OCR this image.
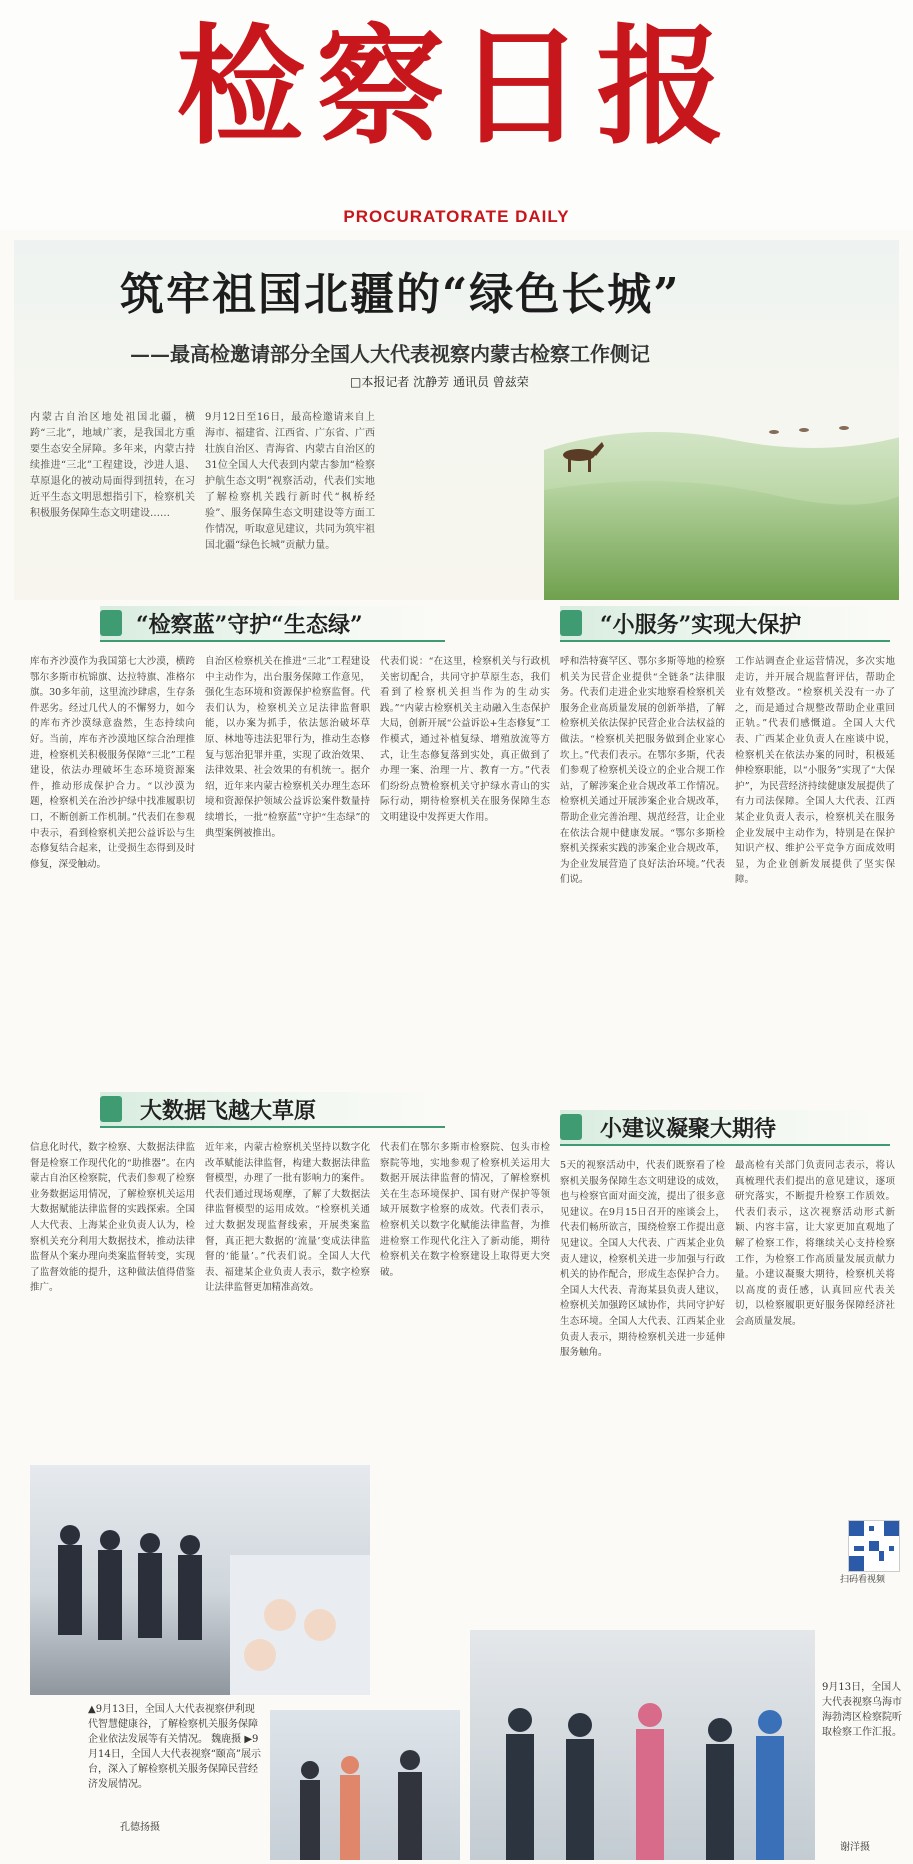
检察日报
PROCURATORATE DAILY
筑牢祖国北疆的“绿色长城”
——最高检邀请部分全国人大代表视察内蒙古检察工作侧记
□本报记者 沈静芳 通讯员 曾兹荣
内蒙古自治区地处祖国北疆，横跨“三北”，地域广袤，是我国北方重要生态安全屏障。多年来，内蒙古持续推进“三北”工程建设，沙进人退、草原退化的被动局面得到扭转，在习近平生态文明思想指引下，检察机关积极服务保障生态文明建设……
9月12日至16日，最高检邀请来自上海市、福建省、江西省、广东省、广西壮族自治区、青海省、内蒙古自治区的31位全国人大代表到内蒙古参加“检察护航生态文明”视察活动，代表们实地了解检察机关践行新时代“枫桥经验”、服务保障生态文明建设等方面工作情况，听取意见建议，共同为筑牢祖国北疆“绿色长城”贡献力量。
“检察蓝”守护“生态绿”
库布齐沙漠作为我国第七大沙漠，横跨鄂尔多斯市杭锦旗、达拉特旗、准格尔旗。30多年前，这里流沙肆虐，生存条件恶劣。经过几代人的不懈努力，如今的库布齐沙漠绿意盎然，生态持续向好。当前，库布齐沙漠地区综合治理推进，检察机关积极服务保障“三北”工程建设，依法办理破坏生态环境资源案件，推动形成保护合力。“以沙漠为题，检察机关在治沙护绿中找准履职切口，不断创新工作机制。”代表们在参观中表示，看到检察机关把公益诉讼与生态修复结合起来，让受损生态得到及时修复，深受触动。
自治区检察机关在推进“三北”工程建设中主动作为，出台服务保障工作意见，强化生态环境和资源保护检察监督。代表们认为，检察机关立足法律监督职能，以办案为抓手，依法惩治破坏草原、林地等违法犯罪行为，推动生态修复与惩治犯罪并重，实现了政治效果、法律效果、社会效果的有机统一。据介绍，近年来内蒙古检察机关办理生态环境和资源保护领域公益诉讼案件数量持续增长，一批“检察蓝”守护“生态绿”的典型案例被推出。
代表们说：“在这里，检察机关与行政机关密切配合，共同守护草原生态，我们看到了检察机关担当作为的生动实践。”“内蒙古检察机关主动融入生态保护大局，创新开展“公益诉讼+生态修复”工作模式，通过补植复绿、增殖放流等方式，让生态修复落到实处，真正做到了办理一案、治理一片、教育一方。”代表们纷纷点赞检察机关守护绿水青山的实际行动，期待检察机关在服务保障生态文明建设中发挥更大作用。
“小服务”实现大保护
呼和浩特赛罕区、鄂尔多斯等地的检察机关为民营企业提供“全链条”法律服务。代表们走进企业实地察看检察机关服务企业高质量发展的创新举措，了解检察机关依法保护民营企业合法权益的做法。“检察机关把服务做到企业家心坎上。”代表们表示。在鄂尔多斯，代表们参观了检察机关设立的企业合规工作站，了解涉案企业合规改革工作情况。检察机关通过开展涉案企业合规改革，帮助企业完善治理、规范经营，让企业在依法合规中健康发展。“鄂尔多斯检察机关探索实践的涉案企业合规改革，为企业发展营造了良好法治环境。”代表们说。
工作站调查企业运营情况，多次实地走访，并开展合规监督评估，帮助企业有效整改。“检察机关没有一办了之，而是通过合规整改帮助企业重回正轨。”代表们感慨道。全国人大代表、广西某企业负责人在座谈中说，检察机关在依法办案的同时，积极延伸检察职能，以“小服务”实现了“大保护”，为民营经济持续健康发展提供了有力司法保障。全国人大代表、江西某企业负责人表示，检察机关在服务企业发展中主动作为，特别是在保护知识产权、维护公平竞争方面成效明显，为企业创新发展提供了坚实保障。
大数据飞越大草原
信息化时代，数字检察、大数据法律监督是检察工作现代化的“助推器”。在内蒙古自治区检察院，代表们参观了检察业务数据运用情况，了解检察机关运用大数据赋能法律监督的实践探索。全国人大代表、上海某企业负责人认为，检察机关充分利用大数据技术，推动法律监督从个案办理向类案监督转变，实现了监督效能的提升，这种做法值得借鉴推广。
近年来，内蒙古检察机关坚持以数字化改革赋能法律监督，构建大数据法律监督模型，办理了一批有影响力的案件。代表们通过现场观摩，了解了大数据法律监督模型的运用成效。“检察机关通过大数据发现监督线索，开展类案监督，真正把大数据的‘流量’变成法律监督的‘能量’。”代表们说。全国人大代表、福建某企业负责人表示，数字检察让法律监督更加精准高效。
代表们在鄂尔多斯市检察院、包头市检察院等地，实地参观了检察机关运用大数据开展法律监督的情况，了解检察机关在生态环境保护、国有财产保护等领域开展数字检察的成效。代表们表示，检察机关以数字化赋能法律监督，为推进检察工作现代化注入了新动能，期待检察机关在数字检察建设上取得更大突破。
小建议凝聚大期待
5天的视察活动中，代表们既察看了检察机关服务保障生态文明建设的成效，也与检察官面对面交流，提出了很多意见建议。在9月15日召开的座谈会上，代表们畅所欲言，围绕检察工作提出意见建议。全国人大代表、广西某企业负责人建议，检察机关进一步加强与行政机关的协作配合，形成生态保护合力。全国人大代表、青海某县负责人建议，检察机关加强跨区域协作，共同守护好生态环境。全国人大代表、江西某企业负责人表示，期待检察机关进一步延伸服务触角。
最高检有关部门负责同志表示，将认真梳理代表们提出的意见建议，逐项研究落实，不断提升检察工作质效。代表们表示，这次视察活动形式新颖、内容丰富，让大家更加直观地了解了检察工作，将继续关心支持检察工作，为检察工作高质量发展贡献力量。小建议凝聚大期待，检察机关将以高度的责任感，认真回应代表关切，以检察履职更好服务保障经济社会高质量发展。
扫码看视频
▲9月13日，全国人大代表视察伊利现代智慧健康谷，了解检察机关服务保障企业依法发展等有关情况。 魏鹿摄 ▶9月14日，全国人大代表视察“颐高”展示台，深入了解检察机关服务保障民营经济发展情况。
孔德扬摄
9月13日，全国人大代表视察乌海市海勃湾区检察院听取检察工作汇报。
谢洋摄
